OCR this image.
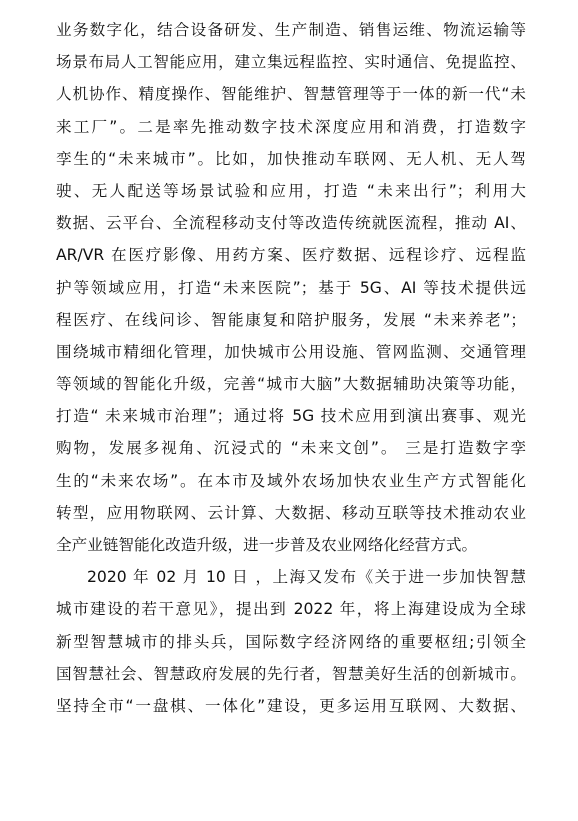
业务数字化，结合设备研发、生产制造、销售运维、物流运输等
场景布局人工智能应用，建立集远程监控、实时通信、免提监控、
人机协作、精度操作、智能维护、智慧管理等于一体的新一代“未
来工厂”。二是率先推动数字技术深度应用和消费，打造数字
孪生的“未来城市”。比如，加快推动车联网、无人机、无人驾
驶、无人配送等场景试验和应用，打造 “未来出行”；利用大
数据、云平台、全流程移动支付等改造传统就医流程，推动 AI、
AR/VR 在医疗影像、用药方案、医疗数据、远程诊疗、远程监
护等领域应用，打造“未来医院”；基于 5G、AI 等技术提供远
程医疗、在线问诊、智能康复和陪护服务，发展 “未来养老”；
围绕城市精细化管理，加快城市公用设施、管网监测、交通管理
等领域的智能化升级，完善“城市大脑”大数据辅助决策等功能，
打造“ 未来城市治理”；通过将 5G 技术应用到演出赛事、观光
购物，发展多视角、沉浸式的 “未来文创”。 三是打造数字孪
生的“未来农场”。在本市及域外农场加快农业生产方式智能化
转型，应用物联网、云计算、大数据、移动互联等技术推动农业
全产业链智能化改造升级，进一步普及农业网络化经营方式。
2020 年 02 月 10 日 ，上海又发布《关于进一步加快智慧
城市建设的若干意见》，提出到 2022 年，将上海建设成为全球
新型智慧城市的排头兵，国际数字经济网络的重要枢纽;引领全
国智慧社会、智慧政府发展的先行者，智慧美好生活的创新城市。
坚持全市“一盘棋、一体化”建设，更多运用互联网、大数据、
